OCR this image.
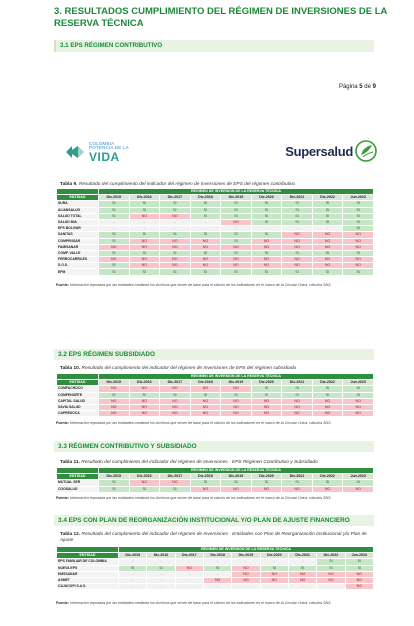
3. RESULTADOS CUMPLIMIENTO DEL RÉGIMEN DE INVERSIONES DE LA RESERVA TÉCNICA
3.1 EPS RÉGIMEN CONTRIBUTIVO
Página 5 de 9
COLOMBIA
POTENCIA DE LA
VIDA	Supersalud
Tabla 9. Resultado del cumplimiento del indicador del régimen de Inversiones de EPS del régimen contributivo
	RÉGIMEN DE INVERSIÓN DE LA RESERVA TÉCNICA								
ENTIDAD	Dic.2015	Dic.2016	Dic.2017	Dic.2018	Dic.2019	Dic.2020	Dic.2021	Dic.2022	Jun.2023
SURA	SI	SI	SI	SI	SI	SI	SI	SI	SI
ALIANSALUD	SI	SI	SI	SI	SI	SI	SI	SI	SI
SALUD TOTAL	SI	NO	NO	SI	SI	SI	SI	SI	SI
SALUD MIA	-	-	-	-	NO	SI	SI	SI	SI
EPS BOLIVAR	-	-	-	-	-	-	-	-	SI
SANITAS	SI	SI	SI	SI	SI	SI	NO	NO	NO
COMPENSAR	SI	NO	NO	NO	SI	NO	NO	NO	NO
FAMISANAR	NO	NO	NO	NO	NO	NO	NO	NO	NO
COMF. VALLE	SI	SI	SI	SI	SI	SI	SI	SI	SI
FERROCARRILES	NO	NO	NO	NO	NO	NO	NO	NO	NO
S.O.S.	SI	NO	NO	NO	NO	NO	NO	NO	NO
EPM	SI	SI	SI	SI	SI	SI	SI	SI	SI
Fuente: Información reportada por las entidades mediante los Archivos que sirven de base para el cálculo de los indicadores en el marco de la Circular Única, cálculos SNS.
3.2 EPS RÉGIMEN SUBSIDIADO
Tabla 10. Resultado del cumplimiento del indicador del régimen de Inversiones de EPS del régimen subsidiado
	RÉGIMEN DE INVERSIÓN DE LA RESERVA TÉCNICA								
ENTIDAD	Dic.2015	Dic.2016	Dic.2017	Dic.2018	Dic.2019	Dic.2020	Dic.2021	Dic.2022	Jun.2023
COMFACHOCO	NO	NO	NO	NO	NO	SI	SI	SI	SI
COMFENORTE	SI	SI	SI	SI	SI	SI	SI	SI	SI
CAPITAL SALUD	NO	NO	NO	NO	NO	NO	NO	NO	NO
SAVIA SALUD	NO	NO	NO	NO	NO	NO	NO	NO	NO
CAPRESOCA	NO	NO	NO	NO	NO	NO	NO	NO	NO
Fuente: Información reportada por las entidades mediante los Archivos que sirven de base para el cálculo de los indicadores en el marco de la Circular Única, cálculos SNS.
3.3 RÉGIMEN CONTRIBUTIVO Y SUBSIDIADO
Tabla 11. Resultado del cumplimiento del indicador del régimen de Inversiones - EPS Régimen Contributivo y Subsidiado
	RÉGIMEN DE INVERSIÓN DE LA RESERVA TÉCNICA								
ENTIDAD	Dic.2015	Dic.2016	Dic.2017	Dic.2018	Dic.2019	Dic.2020	Dic.2021	Dic.2022	Jun.2023
MUTUAL SER	SI	NO	NO	SI	SI	SI	SI	SI	SI
COOSALUD	SI	SI	SI	NO	NO	NO	NO	NO	NO
Fuente: Información reportada por las entidades mediante los Archivos que sirven de base para el cálculo de los indicadores en el marco de la Circular Única, cálculos SNS.
3.4 EPS CON PLAN DE REORGANIZACIÓN INSTITUCIONAL Y/O PLAN DE AJUSTE FINANCIERO
Tabla 12. Resultado del cumplimiento del indicador del régimen de Inversiones - Entidades con Plan de Reorganización Institucional y/o Plan de Ajuste
	RÉGIMEN DE INVERSIÓN DE LA RESERVA TÉCNICA								
ENTIDAD	Dic.2015	Dic.2016	Dic.2017	Dic.2018	Dic.2019	Dic.2020	Dic.2021	Dic.2022	Jun.2023
EPS FAMILIAR DE COLOMBIA	-	-	-	-	-	-	-	SI	SI
NUEVA EPS	SI	SI	NO	SI	NO	SI	SI	SI	SI
EMSSANAR	-	-	-	-	NO	NO	NO	NO	NO
ASMET	-	-	-	NO	NO	NO	NO	NO	NO
CAJACOPI S.A.S.	-	-	-	-	-	-	-	-	NO
Fuente: Información reportada por las entidades mediante los Archivos que sirven de base para el cálculo de los indicadores en el marco de la Circular Única, cálculos SNS.
